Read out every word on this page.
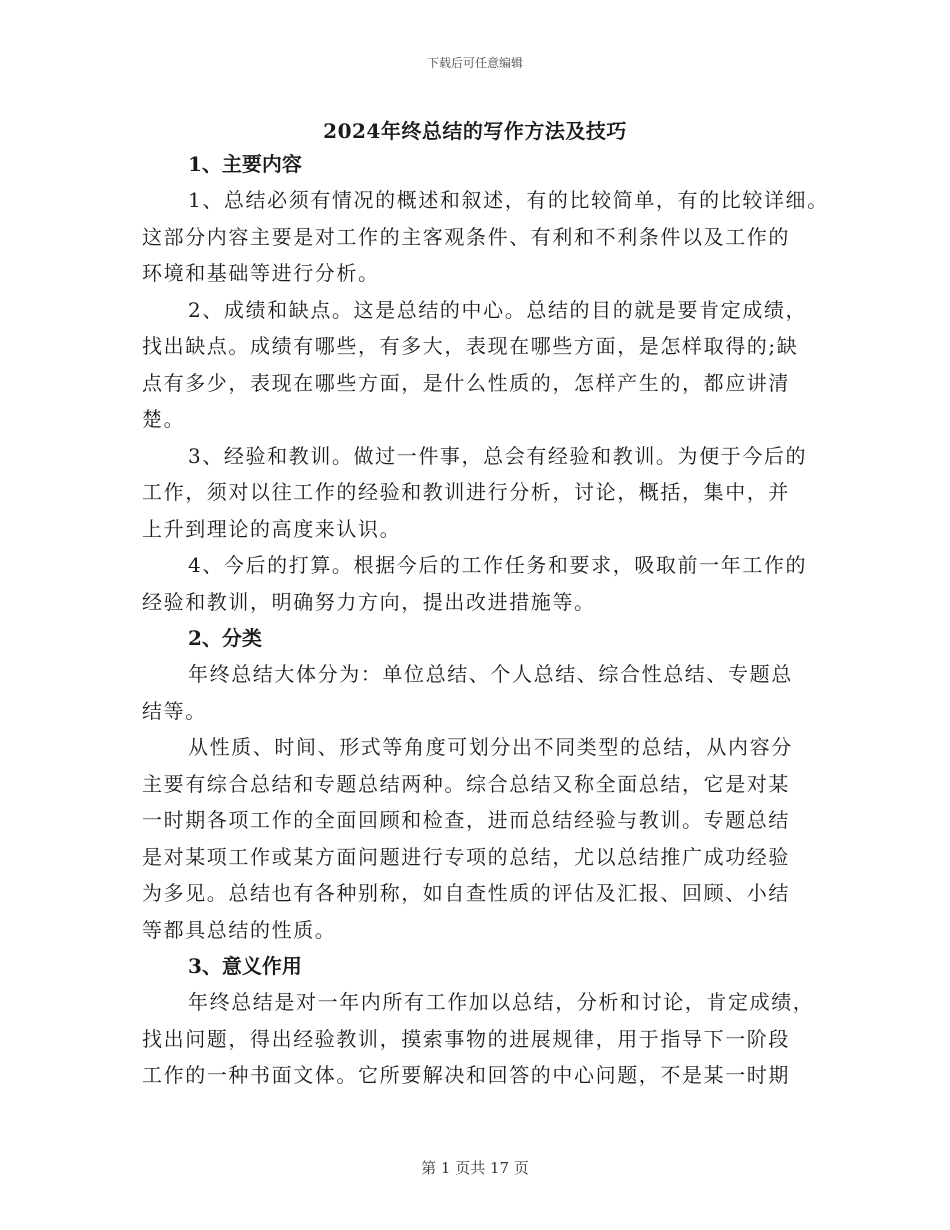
下载后可任意编辑
2024年终总结的写作方法及技巧
1、主要内容
1、总结必须有情况的概述和叙述，有的比较简单，有的比较详细。
这部分内容主要是对工作的主客观条件、有利和不利条件以及工作的
环境和基础等进行分析。
2、成绩和缺点。这是总结的中心。总结的目的就是要肯定成绩，
找出缺点。成绩有哪些，有多大，表现在哪些方面，是怎样取得的;缺
点有多少，表现在哪些方面，是什么性质的，怎样产生的，都应讲清
楚。
3、经验和教训。做过一件事，总会有经验和教训。为便于今后的
工作，须对以往工作的经验和教训进行分析，讨论，概括，集中，并
上升到理论的高度来认识。
4、今后的打算。根据今后的工作任务和要求，吸取前一年工作的
经验和教训，明确努力方向，提出改进措施等。
2、分类
年终总结大体分为：单位总结、个人总结、综合性总结、专题总
结等。
从性质、时间、形式等角度可划分出不同类型的总结，从内容分
主要有综合总结和专题总结两种。综合总结又称全面总结，它是对某
一时期各项工作的全面回顾和检查，进而总结经验与教训。专题总结
是对某项工作或某方面问题进行专项的总结，尤以总结推广成功经验
为多见。总结也有各种别称，如自查性质的评估及汇报、回顾、小结
等都具总结的性质。
3、意义作用
年终总结是对一年内所有工作加以总结，分析和讨论，肯定成绩，
找出问题，得出经验教训，摸索事物的进展规律，用于指导下一阶段
工作的一种书面文体。它所要解决和回答的中心问题，不是某一时期
第 1 页共 17 页
